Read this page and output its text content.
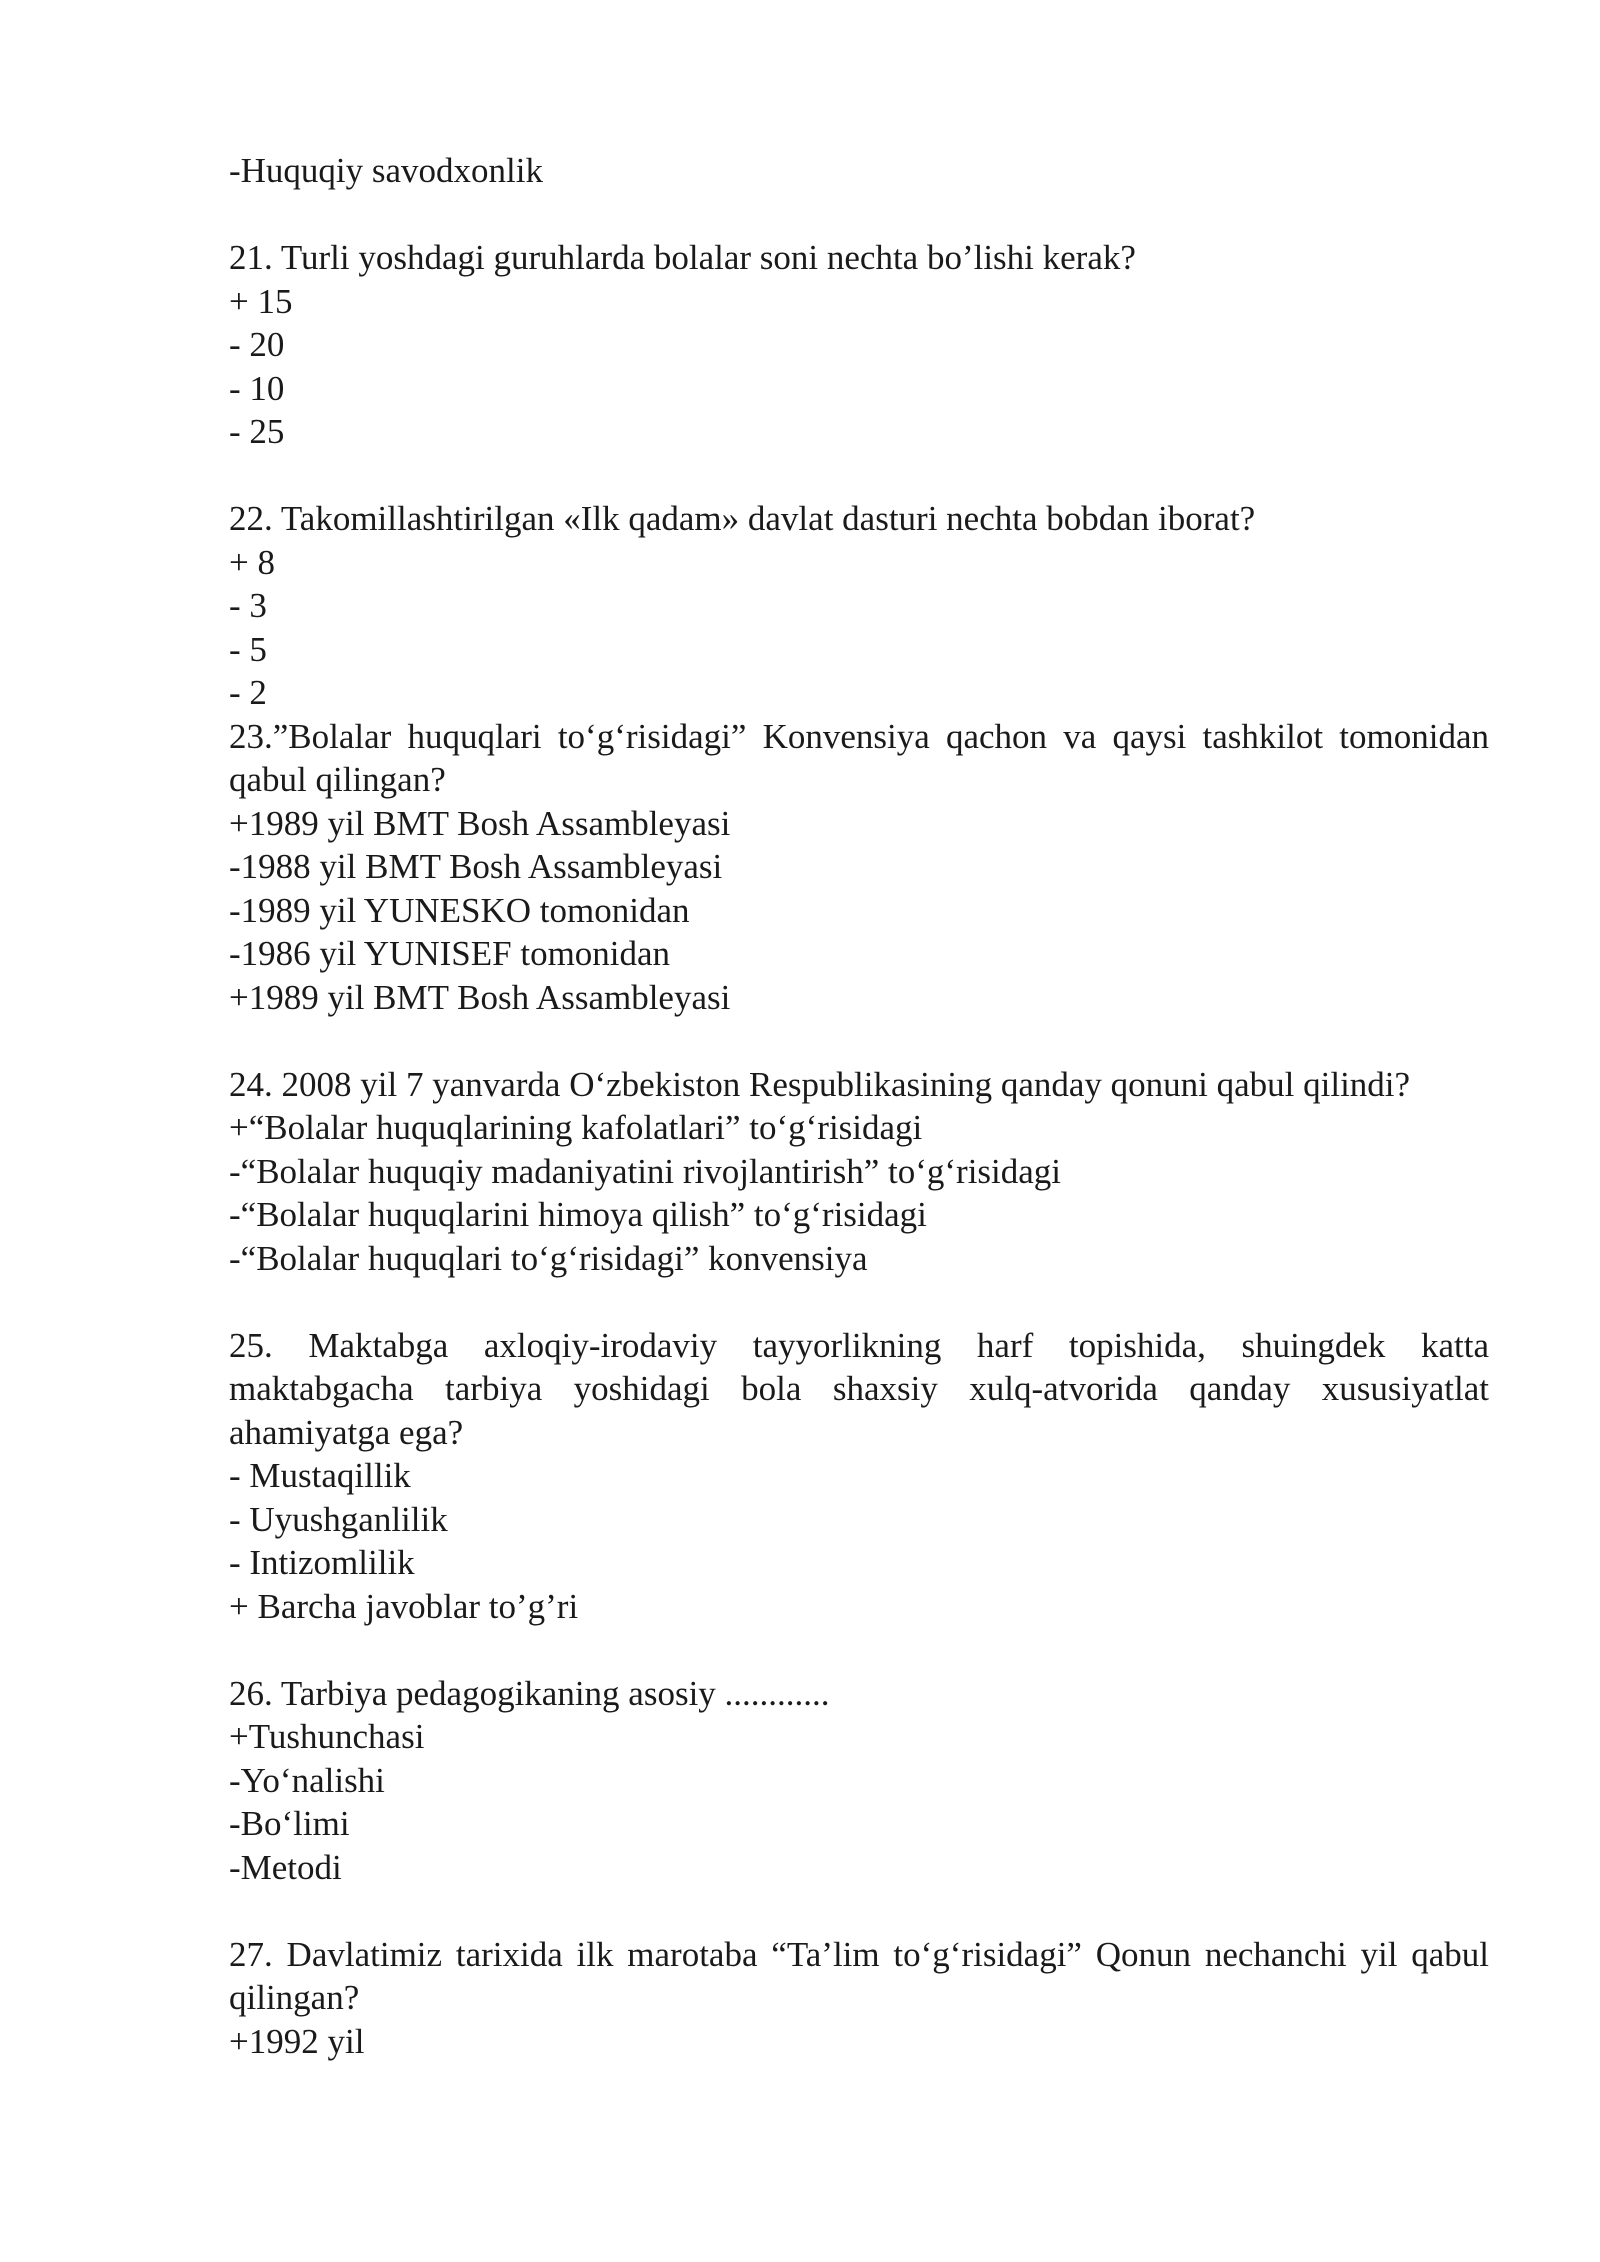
-Huquqiy savodxonlik

21. Turli yoshdagi guruhlarda bolalar soni nechta bo’lishi kerak?

+ 15

- 20

- 10

- 25

22. Takomillashtirilgan «Ilk qadam» davlat dasturi nechta bobdan iborat?

+ 8

- 3

- 5

- 2

23.”Bolalar huquqlari to‘g‘risidagi” Konvensiya qachon va qaysi tashkilot tomonidan qabul qilingan?

+1989 yil BMT Bosh Assambleyasi

-1988 yil BMT Bosh Assambleyasi

-1989 yil YUNESKO tomonidan

-1986 yil YUNISEF tomonidan

+1989 yil BMT Bosh Assambleyasi

24. 2008 yil 7 yanvarda O‘zbekiston Respublikasining qanday qonuni qabul qilindi?

+“Bolalar huquqlarining kafolatlari” to‘g‘risidagi

-“Bolalar huquqiy madaniyatini rivojlantirish” to‘g‘risidagi

-“Bolalar huquqlarini himoya qilish” to‘g‘risidagi

-“Bolalar huquqlari to‘g‘risidagi” konvensiya

25. Maktabga axloqiy-irodaviy tayyorlikning harf topishida, shuingdek katta maktabgacha tarbiya yoshidagi bola shaxsiy xulq-atvorida qanday xususiyatlat ahamiyatga ega?

- Mustaqillik

- Uyushganlilik

- Intizomlilik

+ Barcha javoblar to’g’ri

26. Tarbiya pedagogikaning asosiy ............

+Tushunchasi

-Yo‘nalishi

-Bo‘limi

-Metodi

27. Davlatimiz tarixida ilk marotaba “Ta’lim to‘g‘risidagi” Qonun nechanchi yil qabul qilingan?

+1992 yil
